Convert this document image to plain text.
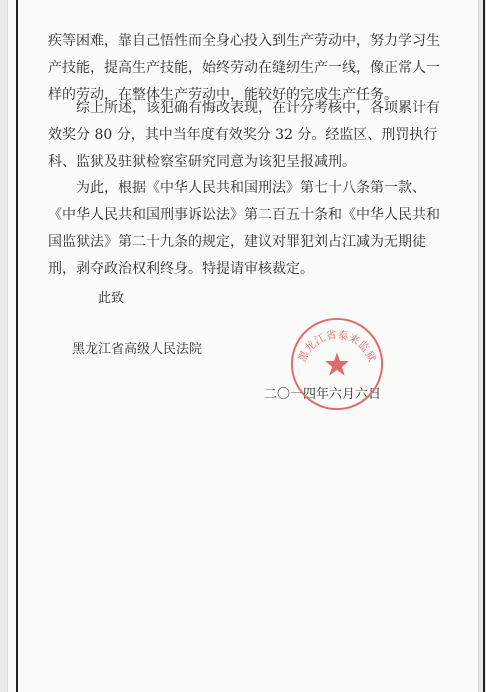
疾等困难，靠自己悟性而全身心投入到生产劳动中，努力学习生
产技能，提高生产技能，始终劳动在缝纫生产一线，像正常人一
样的劳动，在整体生产劳动中，能较好的完成生产任务。
综上所述，该犯确有悔改表现，在计分考核中，各项累计有
效奖分 80 分，其中当年度有效奖分 32 分。经监区、刑罚执行
科、监狱及驻狱检察室研究同意为该犯呈报减刑。
为此，根据《中华人民共和国刑法》第七十八条第一款、
《中华人民共和国刑事诉讼法》第二百五十条和《中华人民共和
国监狱法》第二十九条的规定，建议对罪犯刘占江减为无期徒
刑，剥夺政治权利终身。特提请审核裁定。
此致
黑龙江省高级人民法院
二〇一四年六月六日
黑龙江省泰来监狱
